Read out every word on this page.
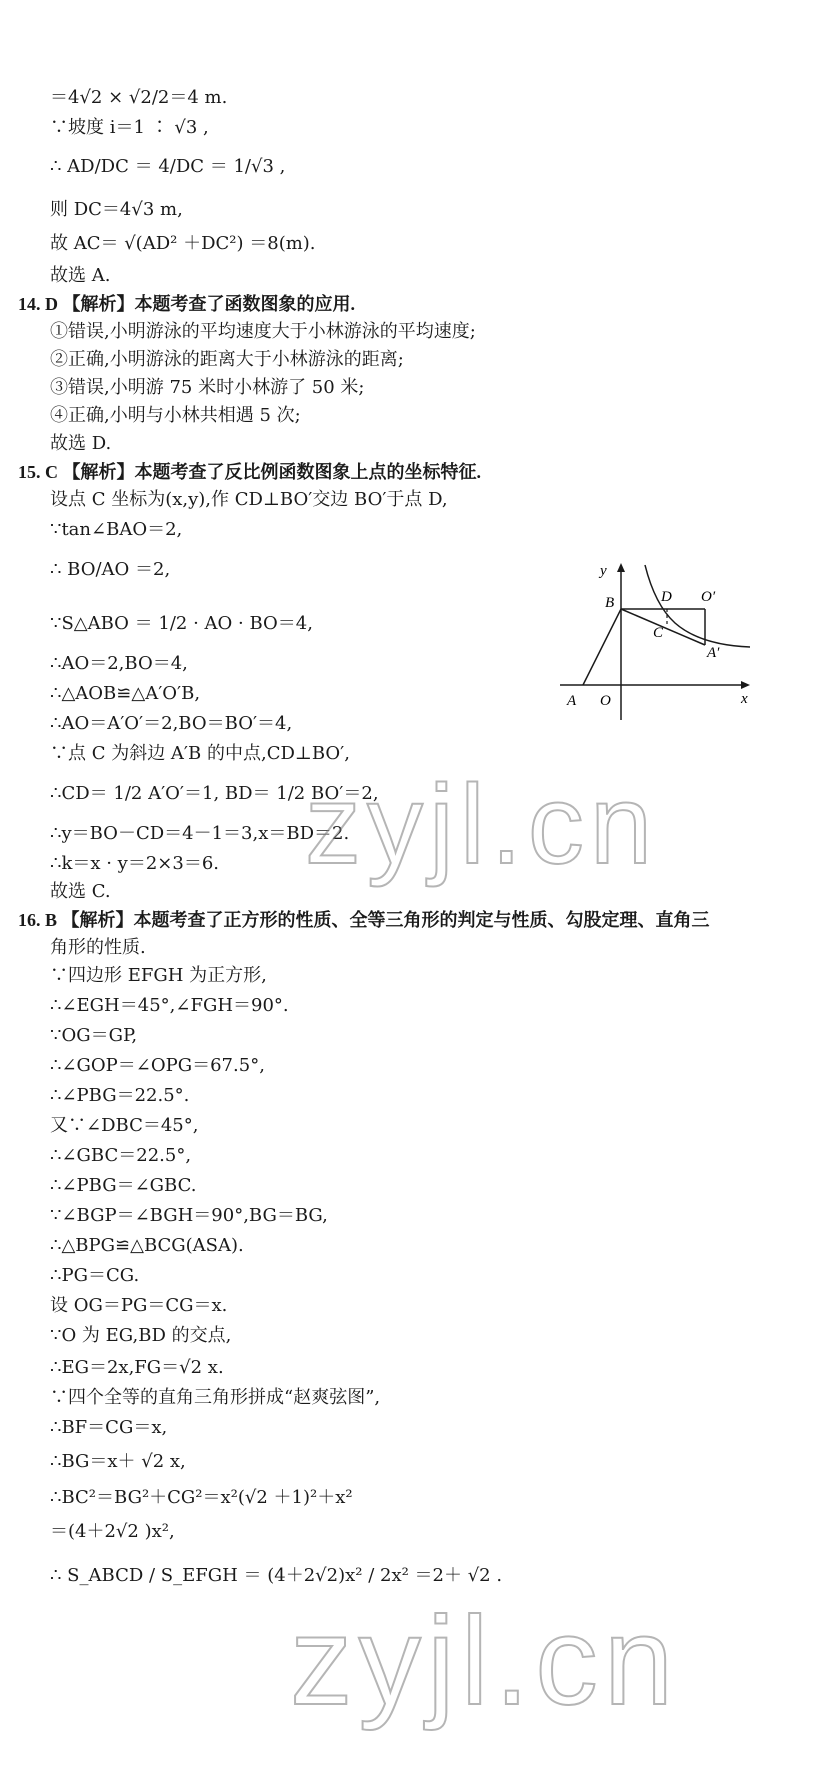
＝4√2 × √2/2＝4 m.
∵坡度 i＝1 ∶ √3 ,
∴ AD/DC ＝ 4/DC ＝ 1/√3 ,
则 DC＝4√3 m,
故 AC＝ √(AD² ＋DC²) ＝8(m).
故选 A.
14. D 【解析】本题考查了函数图象的应用.
①错误,小明游泳的平均速度大于小林游泳的平均速度;
②正确,小明游泳的距离大于小林游泳的距离;
③错误,小明游 75 米时小林游了 50 米;
④正确,小明与小林共相遇 5 次;
故选 D.
15. C 【解析】本题考查了反比例函数图象上点的坐标特征.
设点 C 坐标为(x,y),作 CD⊥BO′交边 BO′于点 D,
∵tan∠BAO＝2,
∴ BO/AO ＝2,
∵S△ABO ＝ 1/2 · AO · BO＝4,
∴AO＝2,BO＝4,
∴△AOB≌△A′O′B,
∴AO＝A′O′＝2,BO＝BO′＝4,
∵点 C 为斜边 A′B 的中点,CD⊥BO′,
∴CD＝ 1/2 A′O′＝1, BD＝ 1/2 BO′＝2,
∴y＝BO－CD＝4－1＝3,x＝BD＝2.
∴k＝x · y＝2×3＝6.
故选 C.
16. B 【解析】本题考查了正方形的性质、全等三角形的判定与性质、勾股定理、直角三
角形的性质.
∵四边形 EFGH 为正方形,
∴∠EGH＝45°,∠FGH＝90°.
∵OG＝GP,
∴∠GOP＝∠OPG＝67.5°,
∴∠PBG＝22.5°.
又∵∠DBC＝45°,
∴∠GBC＝22.5°,
∴∠PBG＝∠GBC.
∵∠BGP＝∠BGH＝90°,BG＝BG,
∴△BPG≌△BCG(ASA).
∴PG＝CG.
设 OG＝PG＝CG＝x.
∵O 为 EG,BD 的交点,
∴EG＝2x,FG＝√2 x.
∵四个全等的直角三角形拼成“赵爽弦图”,
∴BF＝CG＝x,
∴BG＝x＋ √2 x,
∴BC²＝BG²＋CG²＝x²(√2 ＋1)²＋x²
＝(4＋2√2 )x²,
∴ S_ABCD / S_EFGH ＝ (4＋2√2)x² / 2x² ＝2＋ √2 .
y
B	D O′
C
A′
A O	x
zyjl.cn
zyjl.cn
